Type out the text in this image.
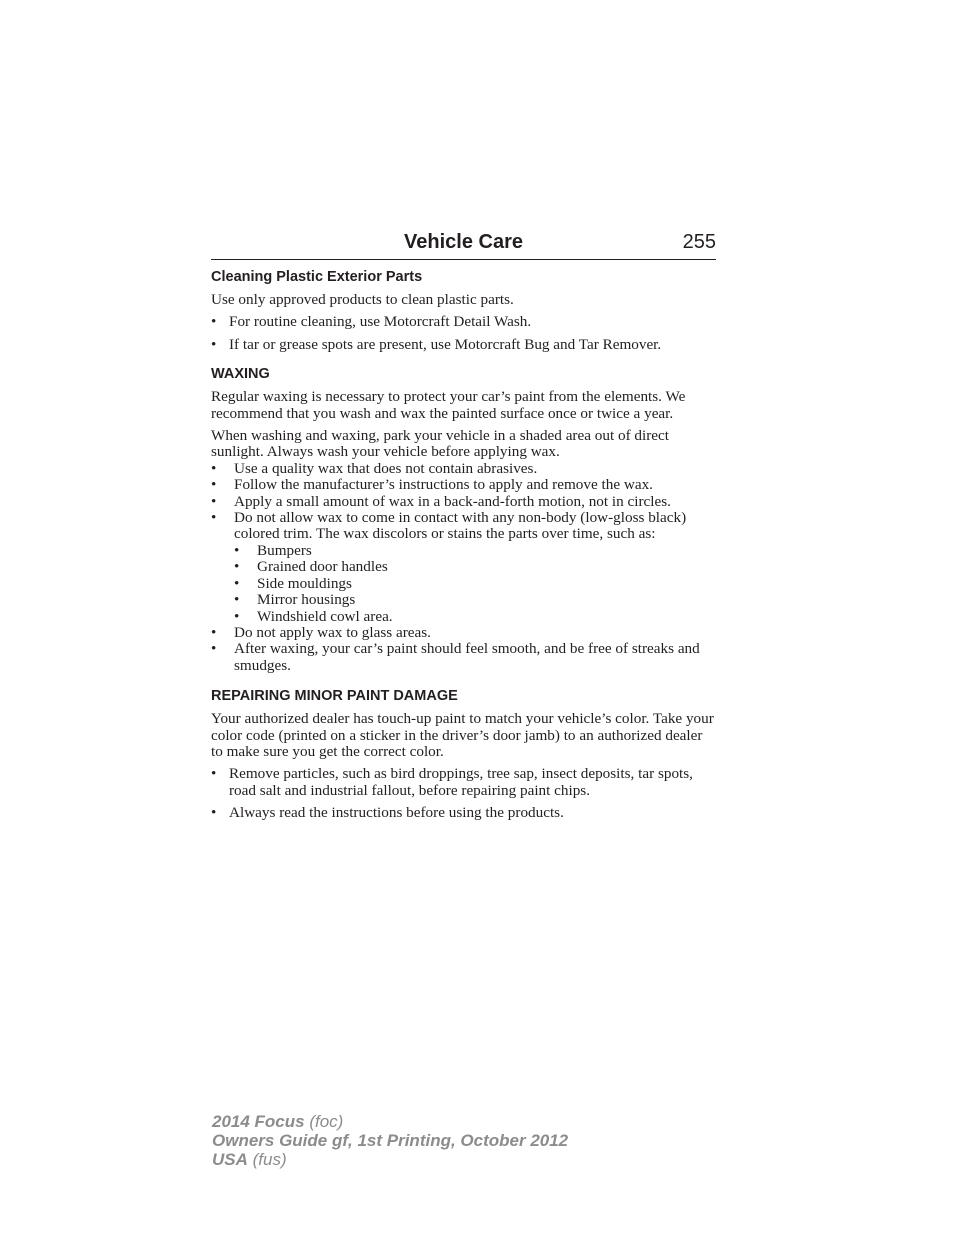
Vehicle Care	255
Cleaning Plastic Exterior Parts

Use only approved products to clean plastic parts.

• For routine cleaning, use Motorcraft Detail Wash.
• If tar or grease spots are present, use Motorcraft Bug and Tar Remover.
WAXING

Regular waxing is necessary to protect your car’s paint from the elements. We recommend that you wash and wax the painted surface once or twice a year.

When washing and waxing, park your vehicle in a shaded area out of direct sunlight. Always wash your vehicle before applying wax.

• Use a quality wax that does not contain abrasives.
• Follow the manufacturer’s instructions to apply and remove the wax.
• Apply a small amount of wax in a back-and-forth motion, not in circles.
• Do not allow wax to come in contact with any non-body (low-gloss black) colored trim. The wax discolors or stains the parts over time, such as:
• Bumpers
• Grained door handles
• Side mouldings
• Mirror housings
• Windshield cowl area.
• Do not apply wax to glass areas.
• After waxing, your car’s paint should feel smooth, and be free of streaks and smudges.
REPAIRING MINOR PAINT DAMAGE

Your authorized dealer has touch-up paint to match your vehicle’s color. Take your color code (printed on a sticker in the driver’s door jamb) to an authorized dealer to make sure you get the correct color.

• Remove particles, such as bird droppings, tree sap, insect deposits, tar spots, road salt and industrial fallout, before repairing paint chips.
• Always read the instructions before using the products.
2014 Focus (foc)
Owners Guide gf, 1st Printing, October 2012
USA (fus)
